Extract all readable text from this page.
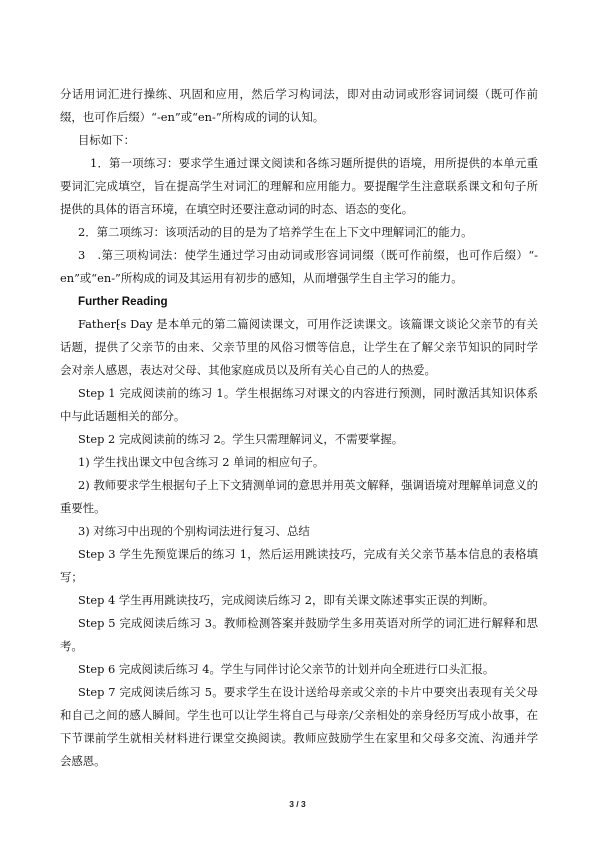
分话用词汇进行操练、巩固和应用，然后学习构词法，即对由动词或形容词词缀（既可作前缀，也可作后缀）“-en”或“en-”所构成的词的认知。

目标如下：

1．第一项练习：要求学生通过课文阅读和各练习题所提供的语境，用所提供的本单元重要词汇完成填空，旨在提高学生对词汇的理解和应用能力。要提醒学生注意联系课文和句子所提供的具体的语言环境，在填空时还要注意动词的时态、语态的变化。

2．第二项练习：该项活动的目的是为了培养学生在上下文中理解词汇的能力。

3　.第三项构词法：使学生通过学习由动词或形容词词缀（既可作前缀，也可作后缀）“-en”或“en-”所构成的词及其运用有初步的感知，从而增强学生自主学习的能力。

Further Reading

Father⁅s Day 是本单元的第二篇阅读课文，可用作泛读课文。该篇课文谈论父亲节的有关话题，提供了父亲节的由来、父亲节里的风俗习惯等信息，让学生在了解父亲节知识的同时学会对亲人感恩，表达对父母、其他家庭成员以及所有关心自己的人的热爱。

Step 1 完成阅读前的练习 1。学生根据练习对课文的内容进行预测，同时激活其知识体系中与此话题相关的部分。

Step 2 完成阅读前的练习 2。学生只需理解词义，不需要掌握。

1) 学生找出课文中包含练习 2 单词的相应句子。

2) 教师要求学生根据句子上下文猜测单词的意思并用英文解释，强调语境对理解单词意义的重要性。

3) 对练习中出现的个别构词法进行复习、总结

Step 3 学生先预览课后的练习 1，然后运用跳读技巧，完成有关父亲节基本信息的表格填写；

Step 4 学生再用跳读技巧，完成阅读后练习 2，即有关课文陈述事实正误的判断。

Step 5 完成阅读后练习 3。教师检测答案并鼓励学生多用英语对所学的词汇进行解释和思考。

Step 6 完成阅读后练习 4。学生与同伴讨论父亲节的计划并向全班进行口头汇报。

Step 7 完成阅读后练习 5。要求学生在设计送给母亲或父亲的卡片中要突出表现有关父母和自己之间的感人瞬间。学生也可以让学生将自己与母亲/父亲相处的亲身经历写成小故事，在下节课前学生就相关材料进行课堂交换阅读。教师应鼓励学生在家里和父母多交流、沟通并学会感恩。

3 / 3
